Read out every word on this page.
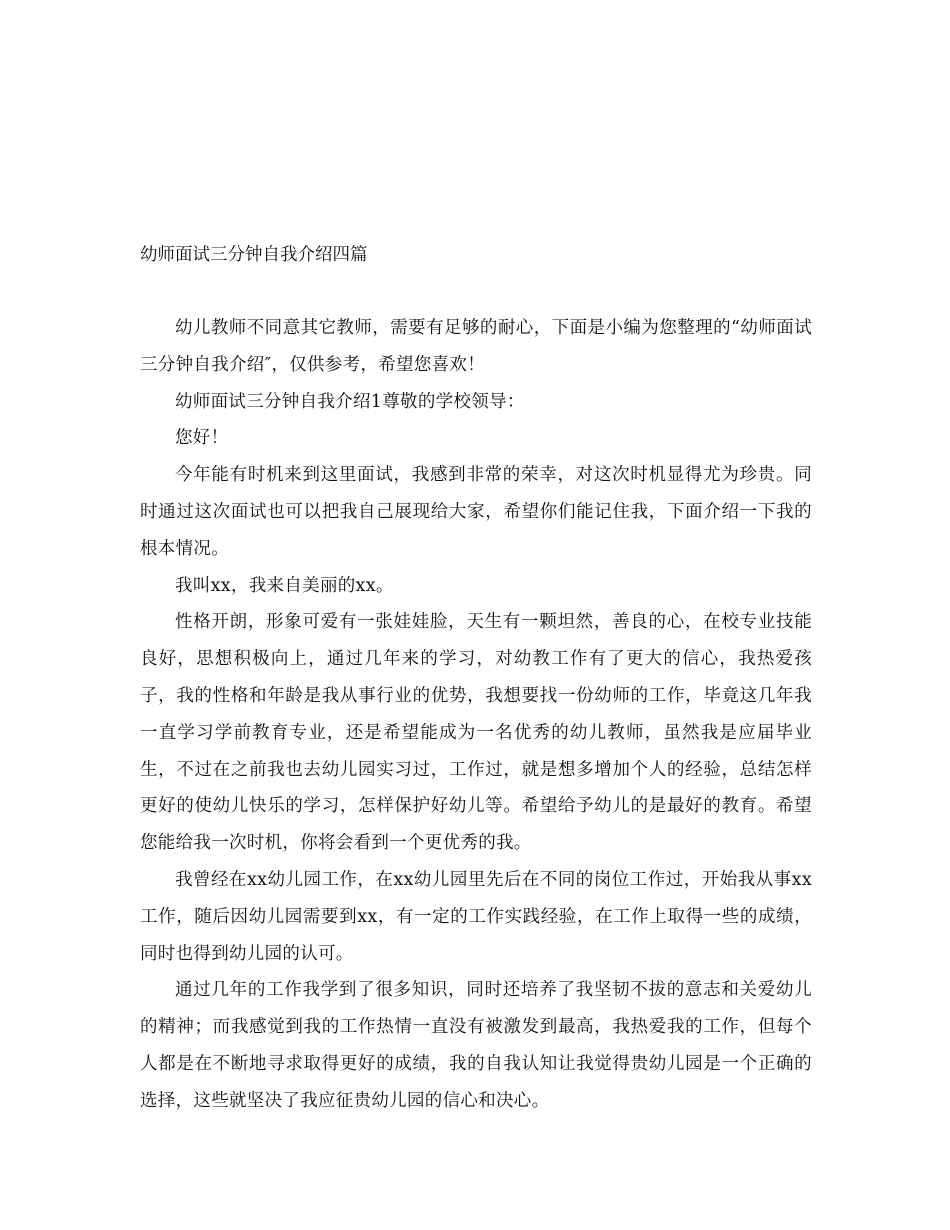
幼师面试三分钟自我介绍四篇

幼儿教师不同意其它教师，需要有足够的耐心，下面是小编为您整理的“幼师面试三分钟自我介绍″，仅供参考，希望您喜欢！

幼师面试三分钟自我介绍1尊敬的学校领导：

您好！

今年能有时机来到这里面试，我感到非常的荣幸，对这次时机显得尤为珍贵。同时通过这次面试也可以把我自己展现给大家，希望你们能记住我，下面介绍一下我的根本情况。

我叫xx，我来自美丽的xx。

性格开朗，形象可爱有一张娃娃脸，天生有一颗坦然，善良的心，在校专业技能良好，思想积极向上，通过几年来的学习，对幼教工作有了更大的信心，我热爱孩子，我的性格和年龄是我从事行业的优势，我想要找一份幼师的工作，毕竟这几年我一直学习学前教育专业，还是希望能成为一名优秀的幼儿教师，虽然我是应届毕业生，不过在之前我也去幼儿园实习过，工作过，就是想多增加个人的经验，总结怎样更好的使幼儿快乐的学习，怎样保护好幼儿等。希望给予幼儿的是最好的教育。希望您能给我一次时机，你将会看到一个更优秀的我。

我曾经在xx幼儿园工作，在xx幼儿园里先后在不同的岗位工作过，开始我从事xx工作，随后因幼儿园需要到xx，有一定的工作实践经验，在工作上取得一些的成绩，同时也得到幼儿园的认可。

通过几年的工作我学到了很多知识，同时还培养了我坚韧不拔的意志和关爱幼儿的精神；而我感觉到我的工作热情一直没有被激发到最高，我热爱我的工作，但每个人都是在不断地寻求取得更好的成绩，我的自我认知让我觉得贵幼儿园是一个正确的选择，这些就坚决了我应征贵幼儿园的信心和决心。
